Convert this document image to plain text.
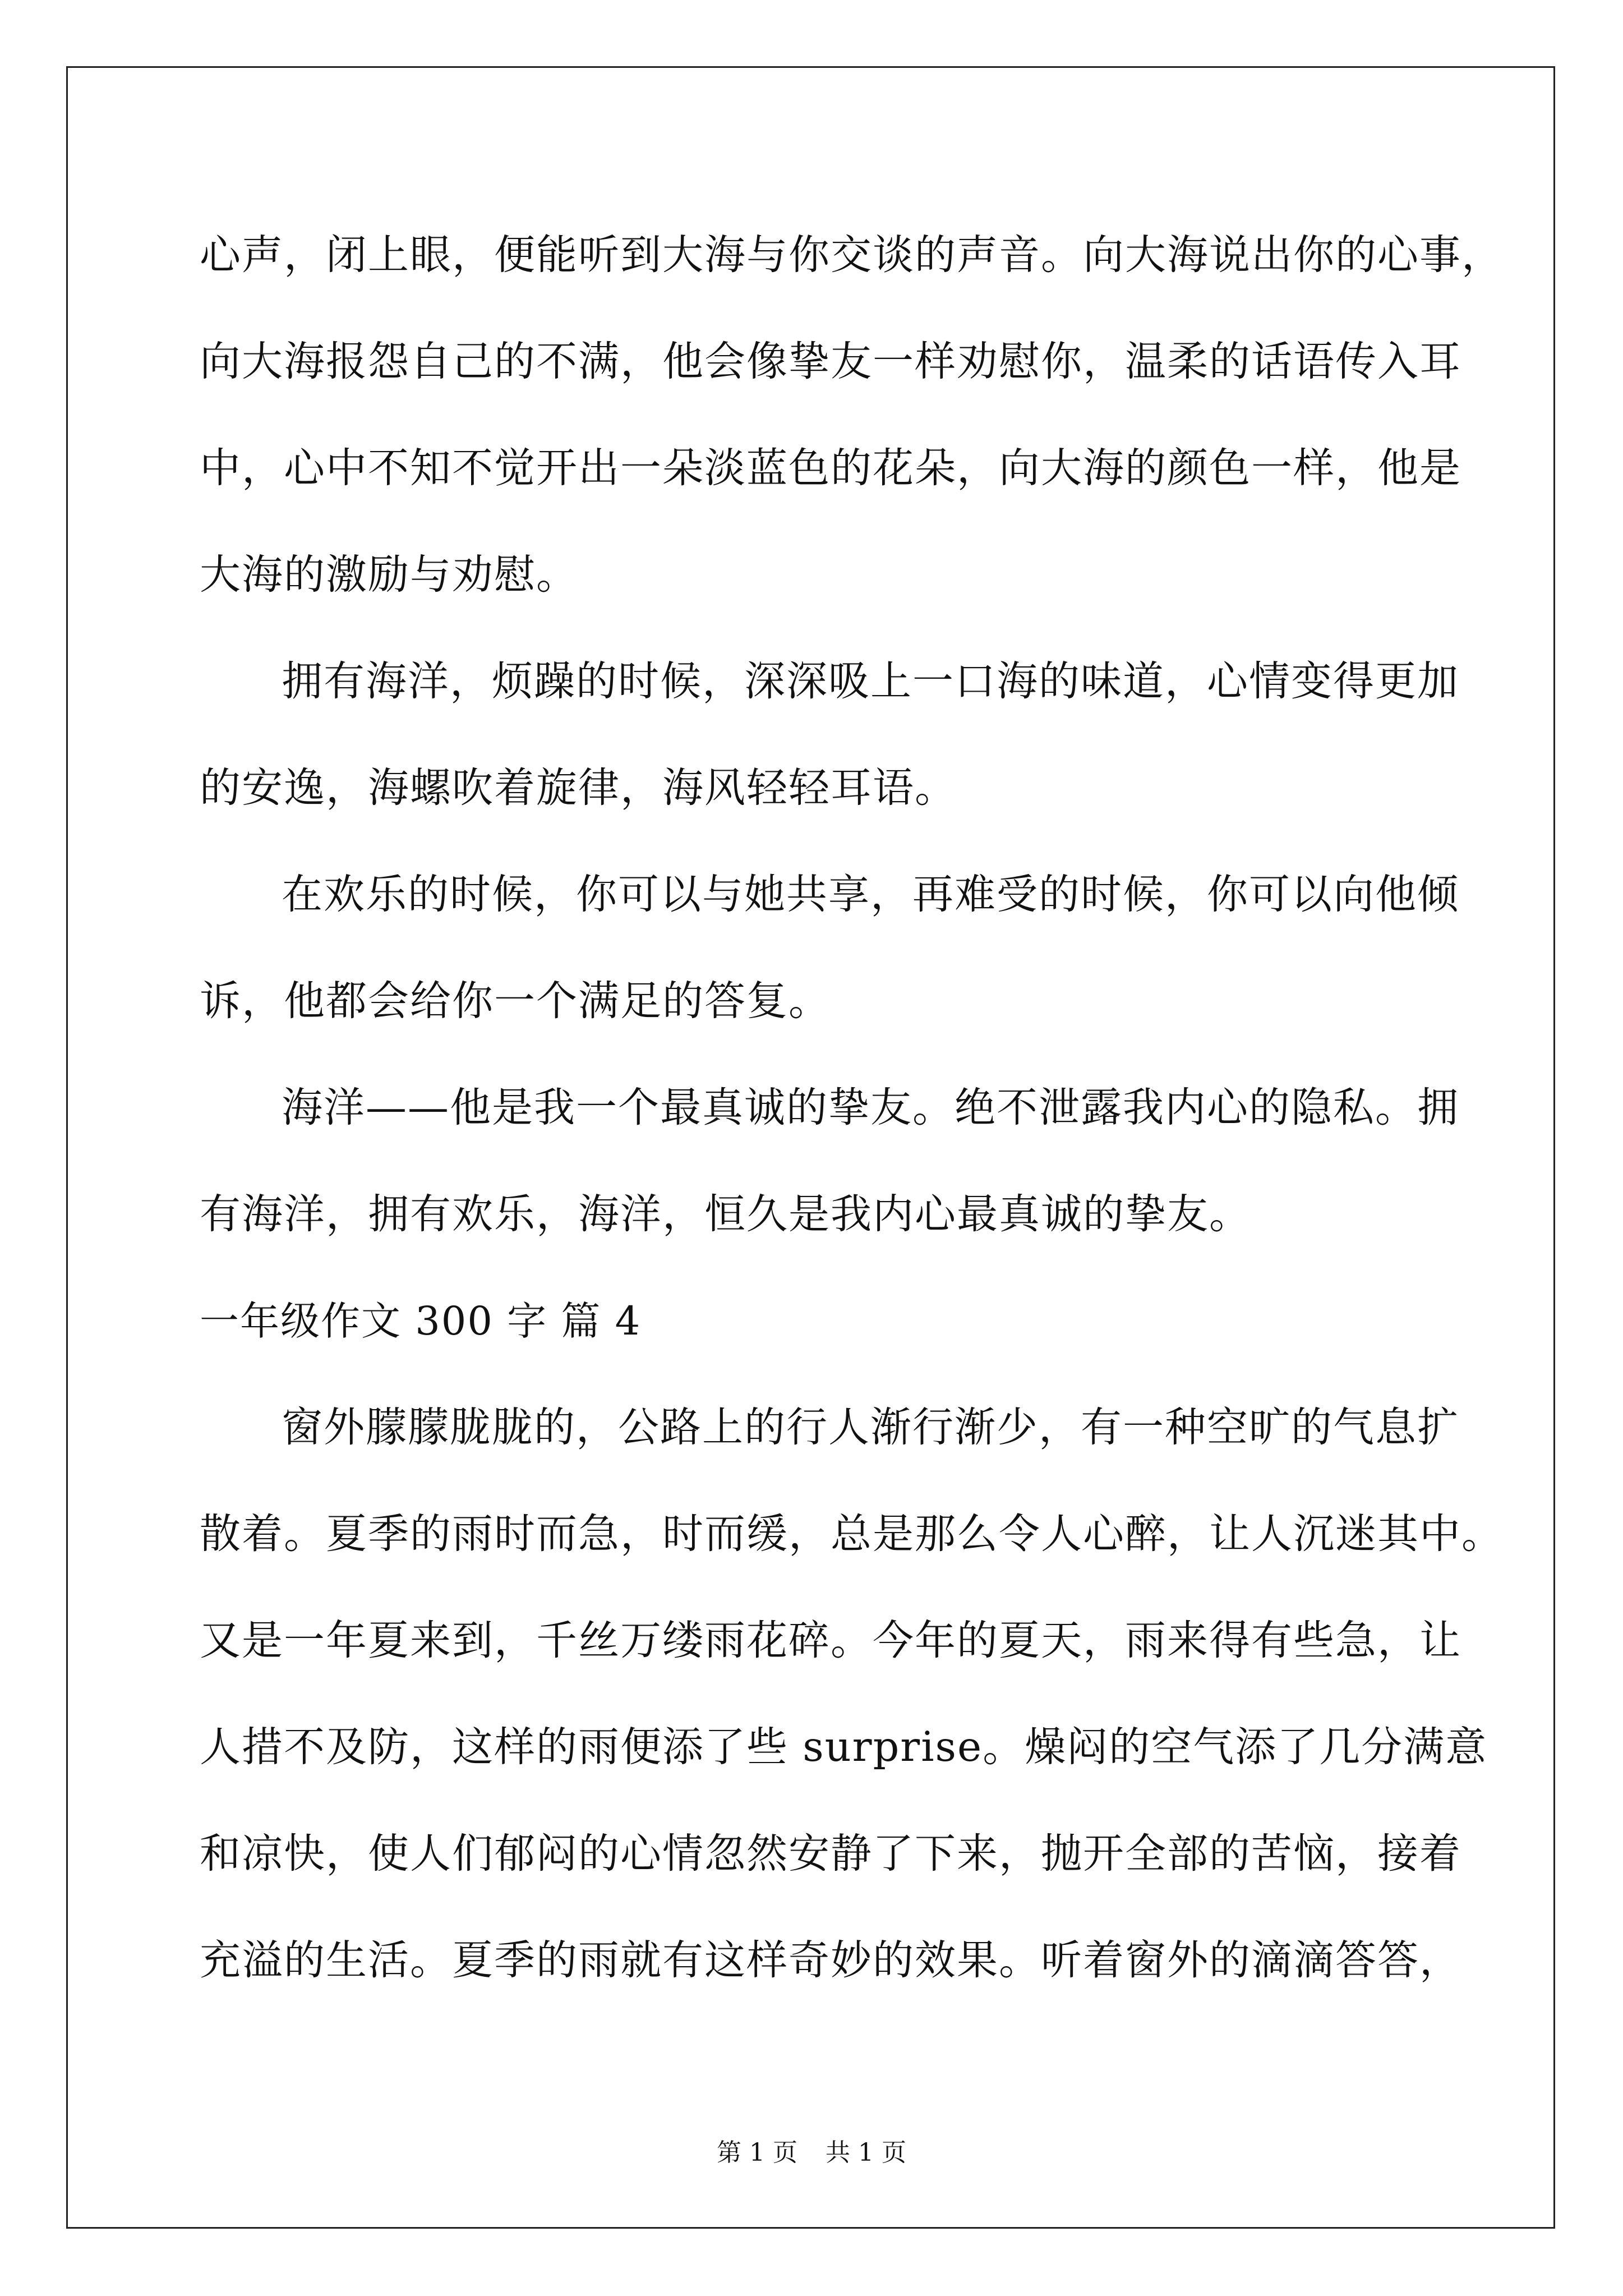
心声，闭上眼，便能听到大海与你交谈的声音。向大海说出你的心事，
向大海报怨自己的不满，他会像挚友一样劝慰你，温柔的话语传入耳
中，心中不知不觉开出一朵淡蓝色的花朵，向大海的颜色一样，他是
大海的激励与劝慰。
拥有海洋，烦躁的时候，深深吸上一口海的味道，心情变得更加
的安逸，海螺吹着旋律，海风轻轻耳语。
在欢乐的时候，你可以与她共享，再难受的时候，你可以向他倾
诉，他都会给你一个满足的答复。
海洋——他是我一个最真诚的挚友。绝不泄露我内心的隐私。拥
有海洋，拥有欢乐，海洋，恒久是我内心最真诚的挚友。
一年级作文 300 字 篇 4
窗外朦朦胧胧的，公路上的行人渐行渐少，有一种空旷的气息扩
散着。夏季的雨时而急，时而缓，总是那么令人心醉，让人沉迷其中。
又是一年夏来到，千丝万缕雨花碎。今年的夏天，雨来得有些急，让
人措不及防，这样的雨便添了些 surprise。燥闷的空气添了几分满意
和凉快，使人们郁闷的心情忽然安静了下来，抛开全部的苦恼，接着
充溢的生活。夏季的雨就有这样奇妙的效果。听着窗外的滴滴答答，
第 1 页 共 1 页
